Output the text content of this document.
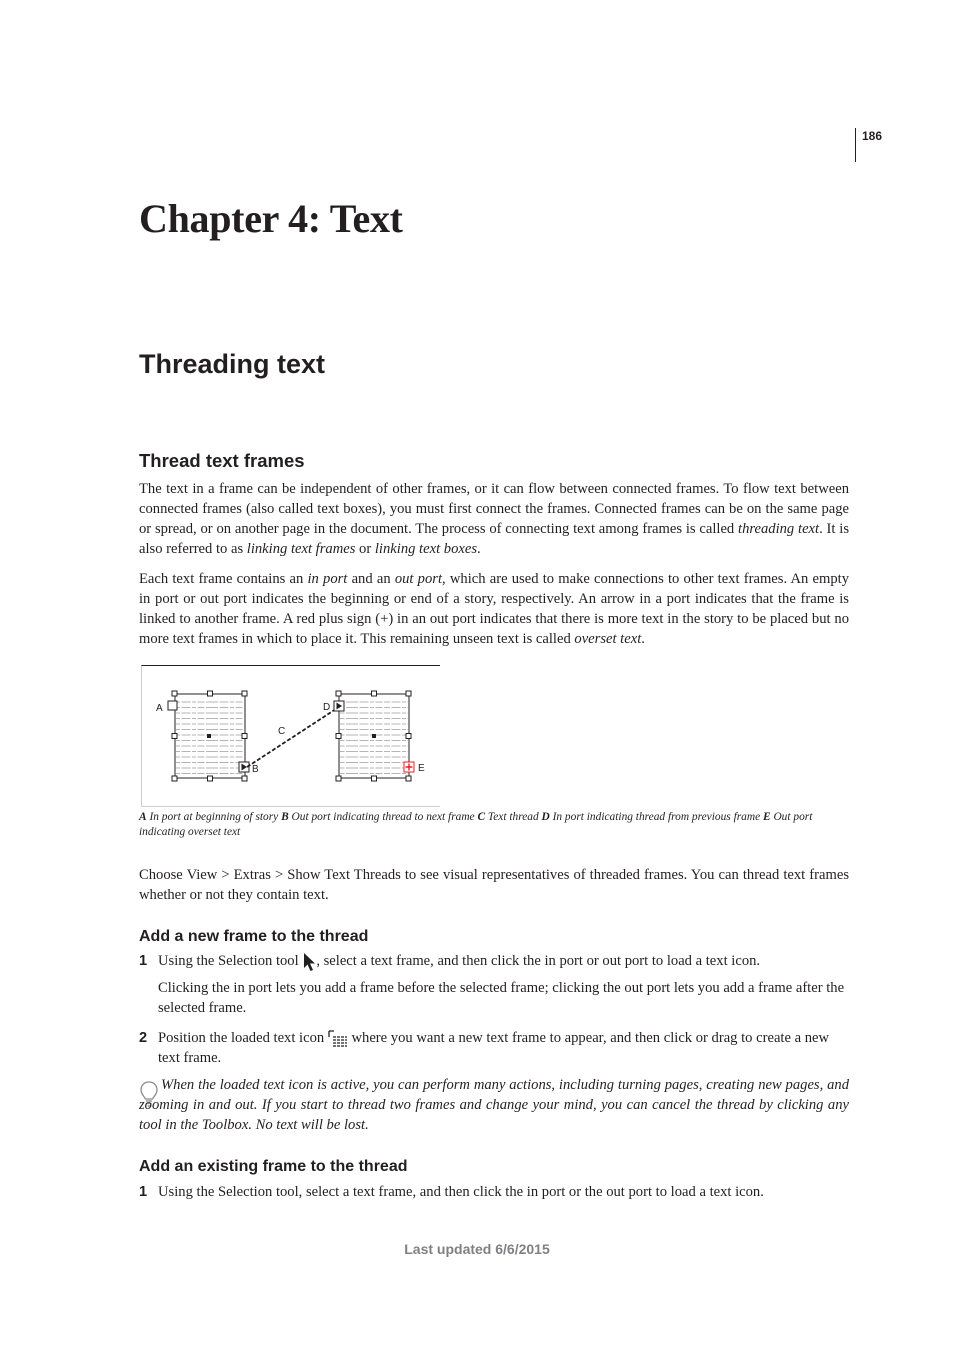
186
Chapter 4: Text
Threading text
Thread text frames

The text in a frame can be independent of other frames, or it can flow between connected frames. To flow text between connected frames (also called text boxes), you must first connect the frames. Connected frames can be on the same page or spread, or on another page in the document. The process of connecting text among frames is called threading text. It is also referred to as linking text frames or linking text boxes.

Each text frame contains an in port and an out port, which are used to make connections to other text frames. An empty in port or out port indicates the beginning or end of a story, respectively. An arrow in a port indicates that the frame is linked to another frame. A red plus sign (+) in an out port indicates that there is more text in the story to be placed but no more text frames in which to place it. This remaining unseen text is called overset text.

A
B
C
D
E

A In port at beginning of story B Out port indicating thread to next frame C Text thread D In port indicating thread from previous frame E Out port indicating overset text

Choose View > Extras > Show Text Threads to see visual representatives of threaded frames. You can thread text frames whether or not they contain text.

Add a new frame to the thread
1 Using the Selection tool , select a text frame, and then click the in port or out port to load a text icon.

Clicking the in port lets you add a frame before the selected frame; clicking the out port lets you add a frame after the selected frame.

2 Position the loaded text icon  where you want a new text frame to appear, and then click or drag to create a new text frame.

When the loaded text icon is active, you can perform many actions, including turning pages, creating new pages, and zooming in and out. If you start to thread two frames and change your mind, you can cancel the thread by clicking any tool in the Toolbox. No text will be lost.

Add an existing frame to the thread
1 Using the Selection tool, select a text frame, and then click the in port or the out port to load a text icon.

Last updated 6/6/2015
